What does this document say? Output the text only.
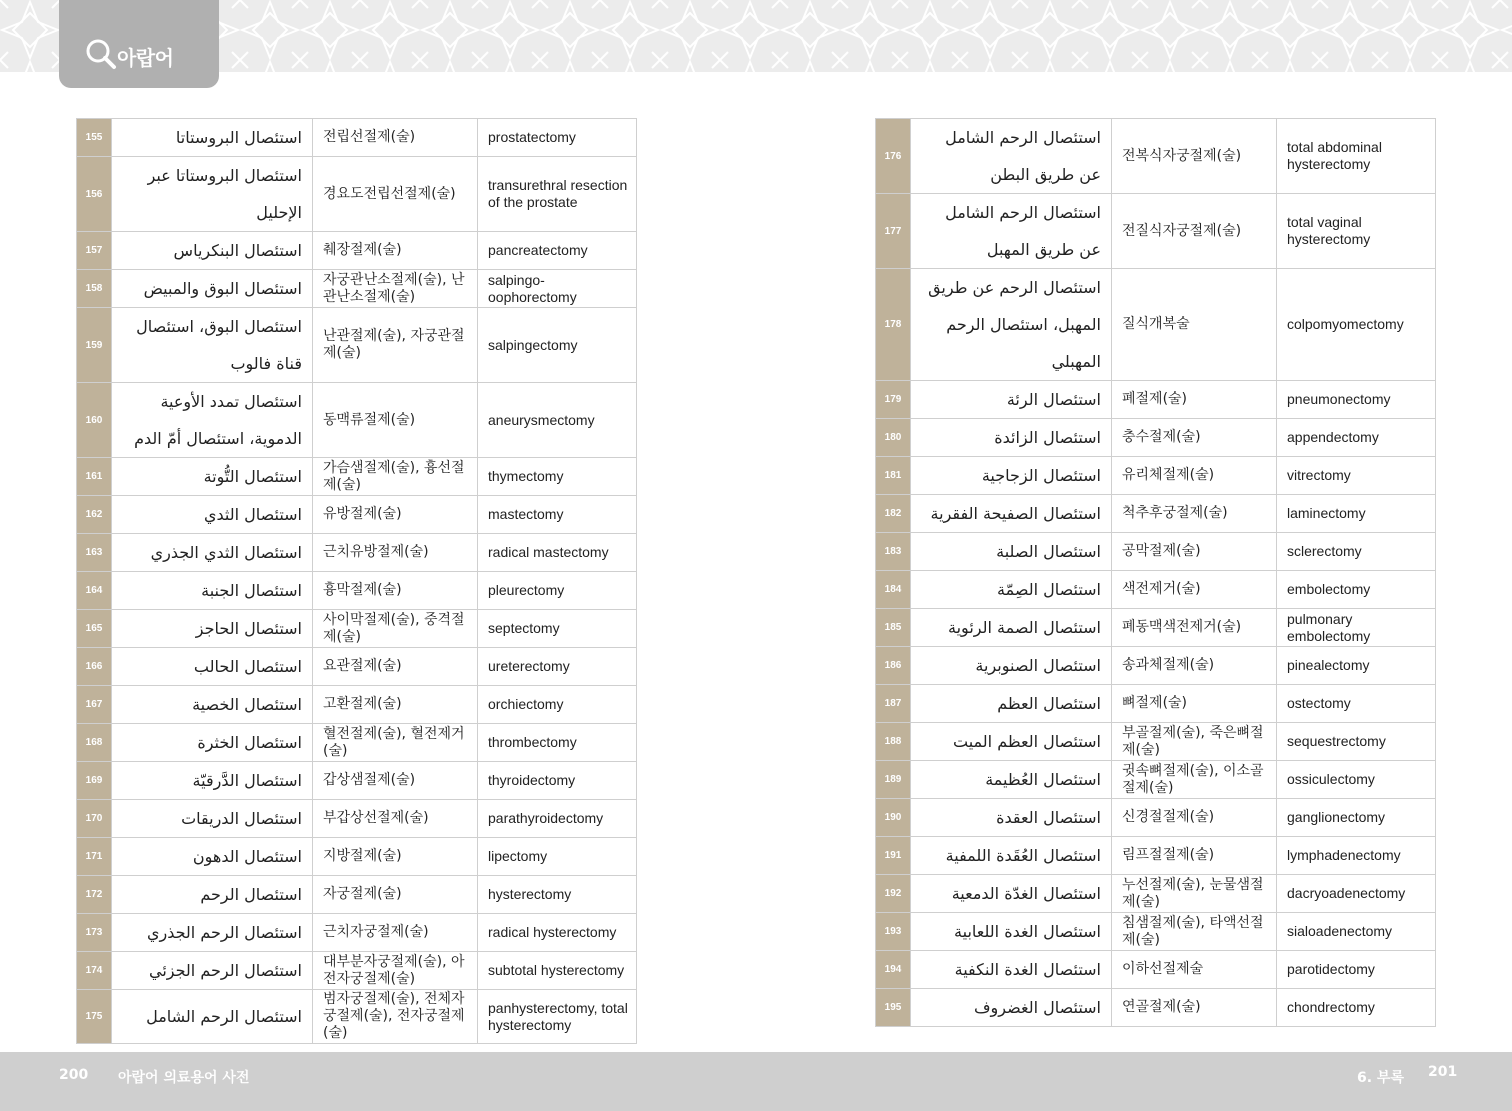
아랍어
155	استئصال البروستاتا	전립선절제(술)	prostatectomy
156	استئصال البروستاتا عبر الإحليل	경요도전립선절제(술)	transurethral resection of the prostate
157	استئصال البنكرياس	췌장절제(술)	pancreatectomy
158	استئصال البوق والمبيض	자궁관난소절제(술), 난관난소절제(술)	salpingo-oophorectomy
159	استئصال البوق، استئصال قناة فالوب	난관절제(술), 자궁관절제(술)	salpingectomy
160	استئصال تمدد الأوعية الدموية، استئصال أمّ الدم	동맥류절제(술)	aneurysmectomy
161	استئصال التُّوتة	가슴샘절제(술), 흉선절제(술)	thymectomy
162	استئصال الثدي	유방절제(술)	mastectomy
163	استئصال الثدي الجذري	근치유방절제(술)	radical mastectomy
164	استئصال الجنبة	흉막절제(술)	pleurectomy
165	استئصال الحاجز	사이막절제(술), 중격절제(술)	septectomy
166	استئصال الحالب	요관절제(술)	ureterectomy
167	استئصال الخصية	고환절제(술)	orchiectomy
168	استئصال الخثرة	혈전절제(술), 혈전제거(술)	thrombectomy
169	استئصال الدَّرقيّة	갑상샘절제(술)	thyroidectomy
170	استئصال الدريقات	부갑상선절제(술)	parathyroidectomy
171	استئصال الدهون	지방절제(술)	lipectomy
172	استئصال الرحم	자궁절제(술)	hysterectomy
173	استئصال الرحم الجذري	근치자궁절제(술)	radical hysterectomy
174	استئصال الرحم الجزئي	대부분자궁절제(술), 아전자궁절제(술)	subtotal hysterectomy
175	استئصال الرحم الشامل	범자궁절제(술), 전체자궁절제(술), 전자궁절제(술)	panhysterectomy, total hysterectomy
176	استئصال الرحم الشامل عن طريق البطن	전복식자궁절제(술)	total abdominal hysterectomy
177	استئصال الرحم الشامل عن طريق المهبل	전질식자궁절제(술)	total vaginal hysterectomy
178	استئصال الرحم عن طريق المهبل، استئصال الرحم المهبلي	질식개복술	colpomyomectomy
179	استئصال الرئة	폐절제(술)	pneumonectomy
180	استئصال الزائدة	충수절제(술)	appendectomy
181	استئصال الزجاجية	유리체절제(술)	vitrectomy
182	استئصال الصفيحة الفقرية	척추후궁절제(술)	laminectomy
183	استئصال الصلبة	공막절제(술)	sclerectomy
184	استئصال الصِمّة	색전제거(술)	embolectomy
185	استئصال الصمة الرئوية	폐동맥색전제거(술)	pulmonary embolectomy
186	استئصال الصنوبرية	송과체절제(술)	pinealectomy
187	استئصال العظم	뼈절제(술)	ostectomy
188	استئصال العظم الميت	부골절제(술), 죽은뼈절제(술)	sequestrectomy
189	استئصال العُظيمة	귓속뼈절제(술), 이소골절제(술)	ossiculectomy
190	استئصال العقدة	신경절절제(술)	ganglionectomy
191	استئصال العُقَدة اللمفية	림프절절제(술)	lymphadenectomy
192	استئصال الغدّة الدمعية	누선절제(술), 눈물샘절제(술)	dacryoadenectomy
193	استئصال الغدة اللعابية	침샘절제(술), 타액선절제(술)	sialoadenectomy
194	استئصال الغدة النكفية	이하선절제술	parotidectomy
195	استئصال الغضروف	연골절제(술)	chondrectomy
200 아랍어 의료용어 사전	6. 부록 201
